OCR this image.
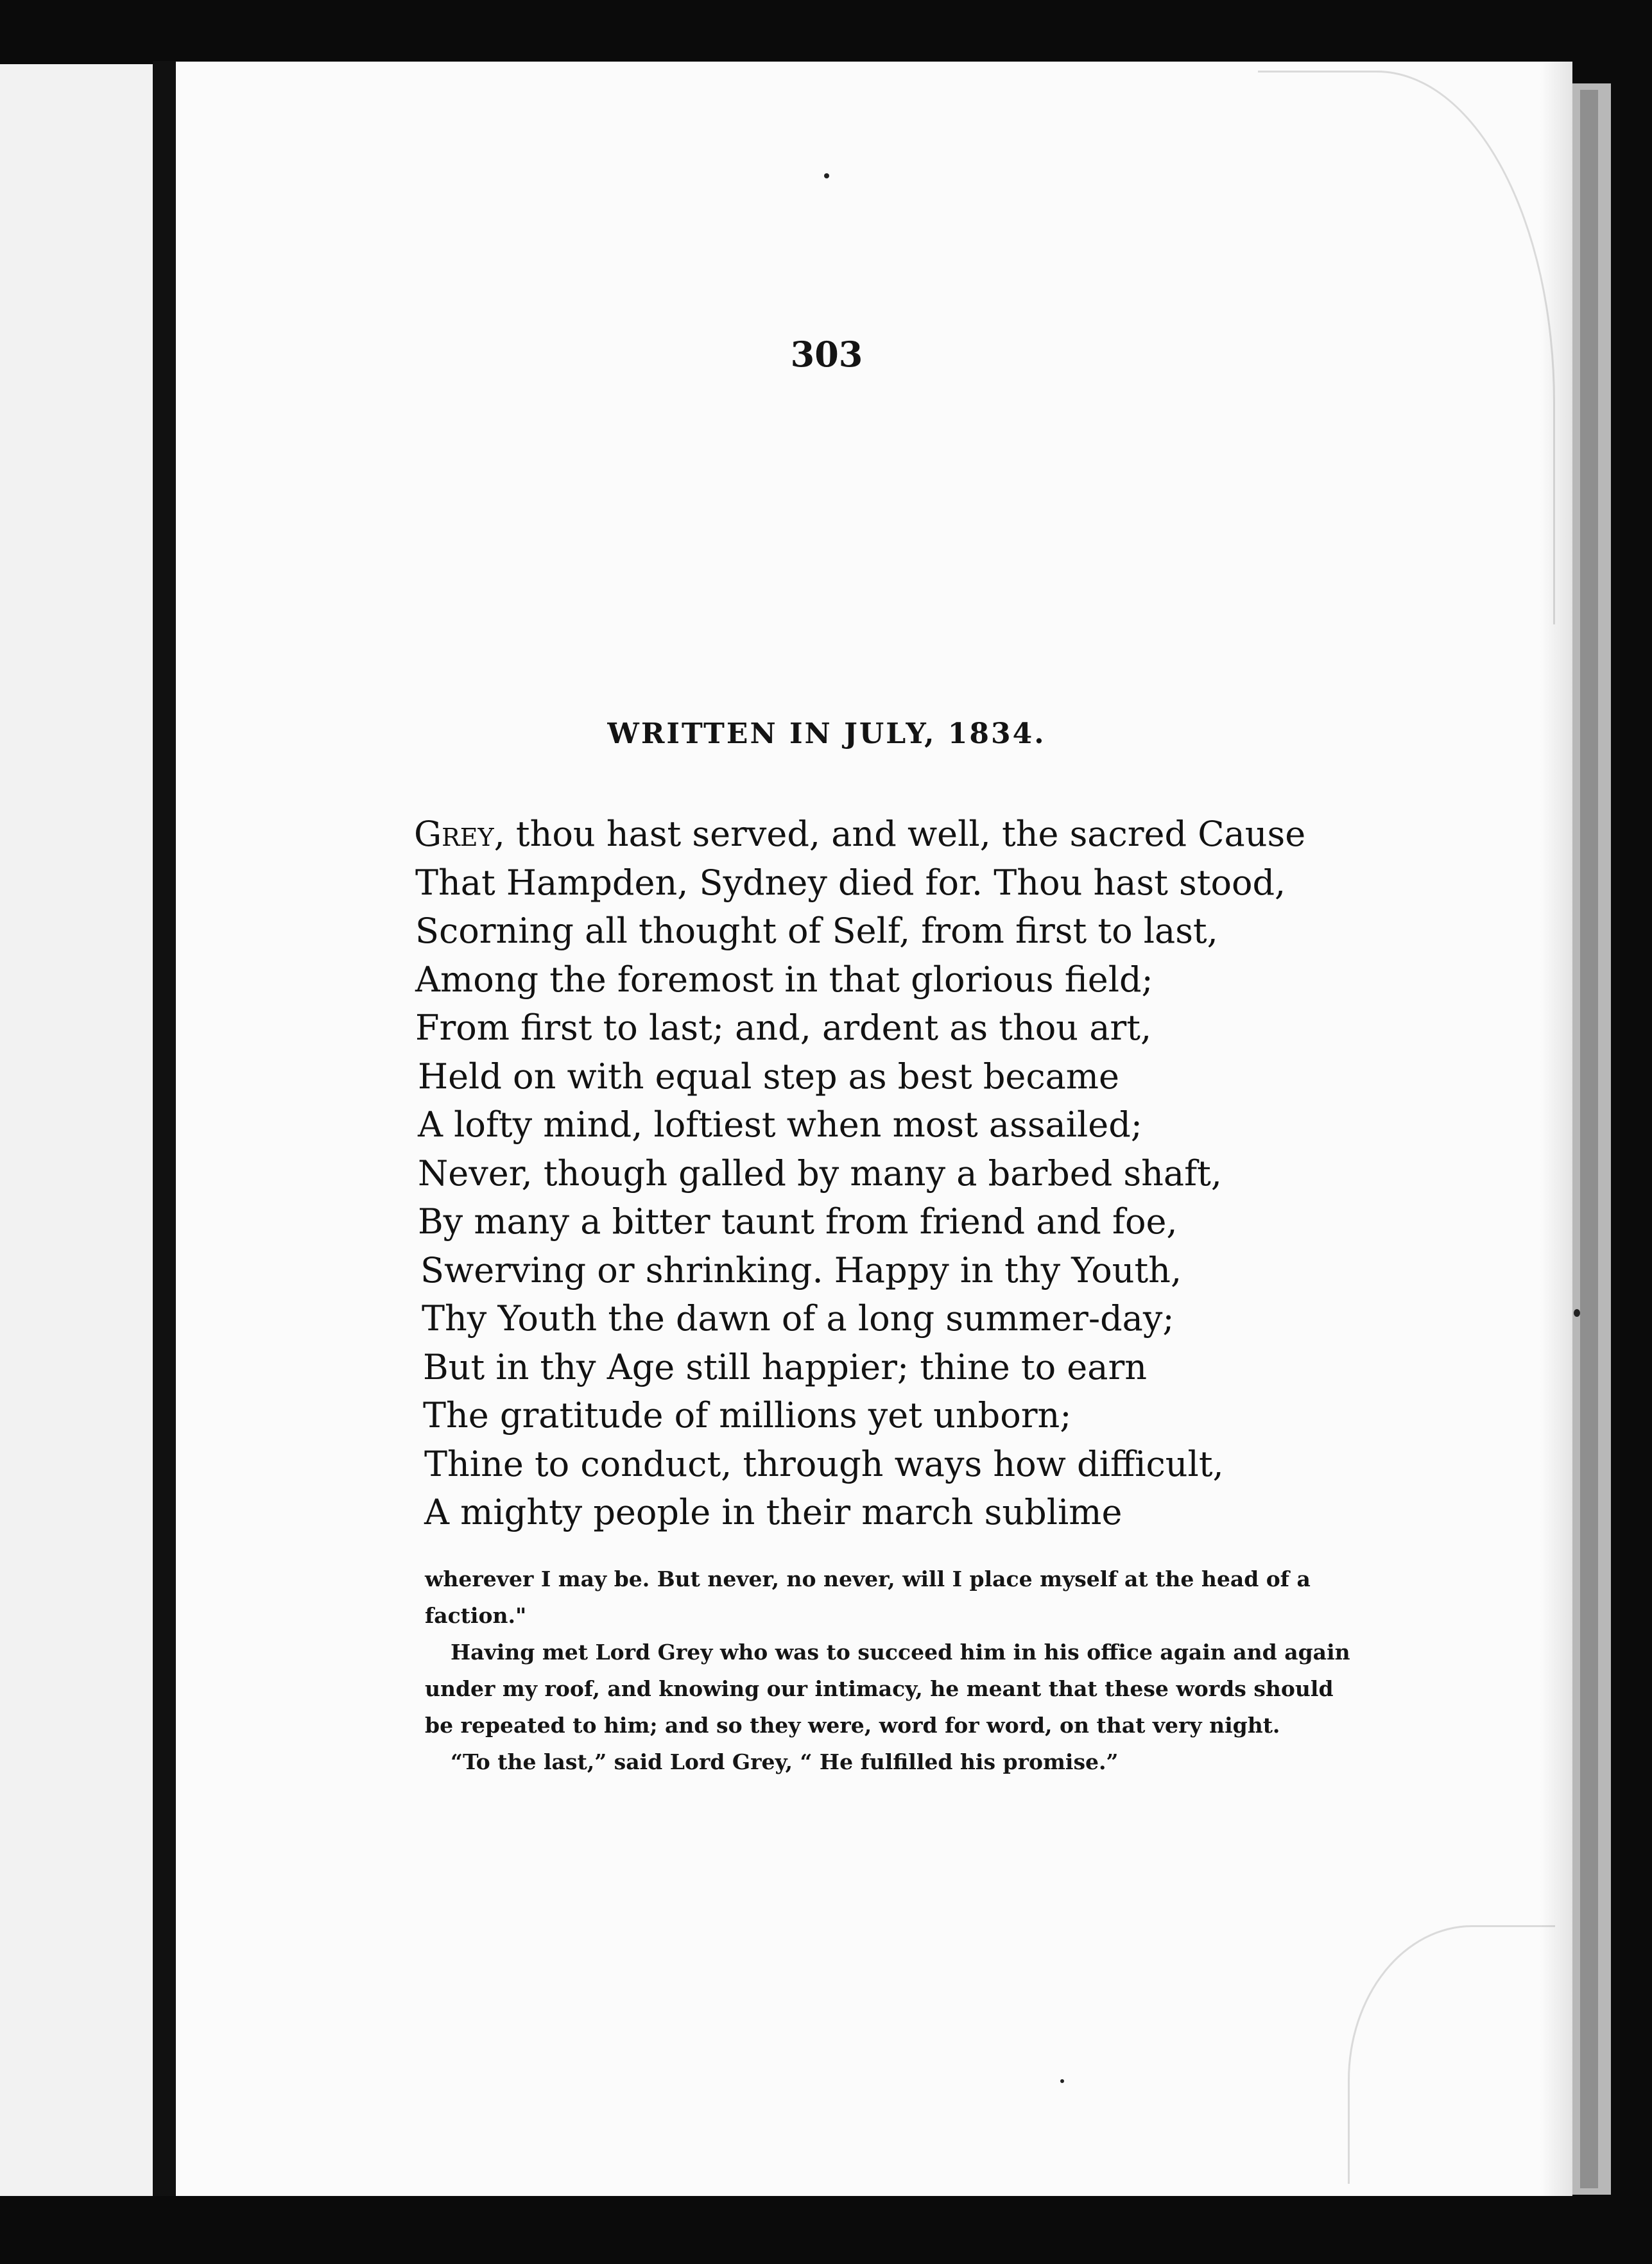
303
WRITTEN IN JULY, 1834.
Grey, thou hast served, and well, the sacred Cause
That Hampden, Sydney died for. Thou hast stood,
Scorning all thought of Self, from first to last,
Among the foremost in that glorious field;
From first to last; and, ardent as thou art,
Held on with equal step as best became
A lofty mind, loftiest when most assailed;
Never, though galled by many a barbed shaft,
By many a bitter taunt from friend and foe,
Swerving or shrinking. Happy in thy Youth,
Thy Youth the dawn of a long summer-day;
But in thy Age still happier; thine to earn
The gratitude of millions yet unborn;
Thine to conduct, through ways how difficult,
A mighty people in their march sublime
wherever I may be. But never, no never, will I place myself at the head of a
faction."
Having met Lord Grey who was to succeed him in his office again and again
under my roof, and knowing our intimacy, he meant that these words should
be repeated to him; and so they were, word for word, on that very night.
“To the last,” said Lord Grey, “ He fulfilled his promise.”
